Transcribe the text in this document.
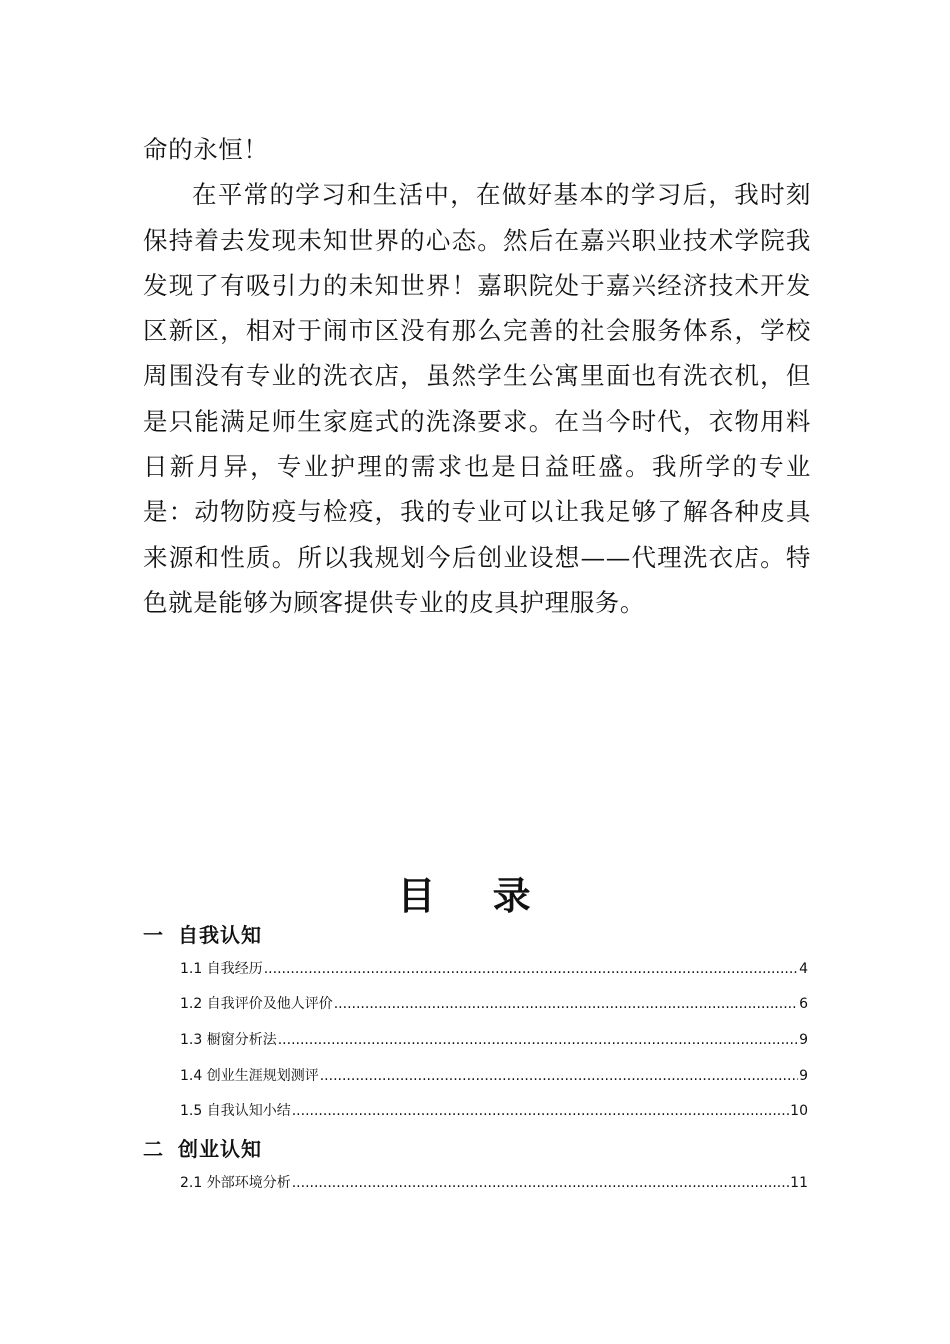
命的永恒！

在平常的学习和生活中，在做好基本的学习后，我时刻保持着去发现未知世界的心态。然后在嘉兴职业技术学院我发现了有吸引力的未知世界！嘉职院处于嘉兴经济技术开发区新区，相对于闹市区没有那么完善的社会服务体系，学校周围没有专业的洗衣店，虽然学生公寓里面也有洗衣机，但是只能满足师生家庭式的洗涤要求。在当今时代，衣物用料日新月异，专业护理的需求也是日益旺盛。我所学的专业是：动物防疫与检疫，我的专业可以让我足够了解各种皮具来源和性质。所以我规划今后创业设想——代理洗衣店。特色就是能够为顾客提供专业的皮具护理服务。

目 录
一 自我认知
1.1 自我经历 .....	4
1.2 自我评价及他人评价 .....	6
1.3 橱窗分析法 .....	9
1.4 创业生涯规划测评 .....	9
1.5 自我认知小结 .....	10
二 创业认知
2.1 外部环境分析 .....	11
